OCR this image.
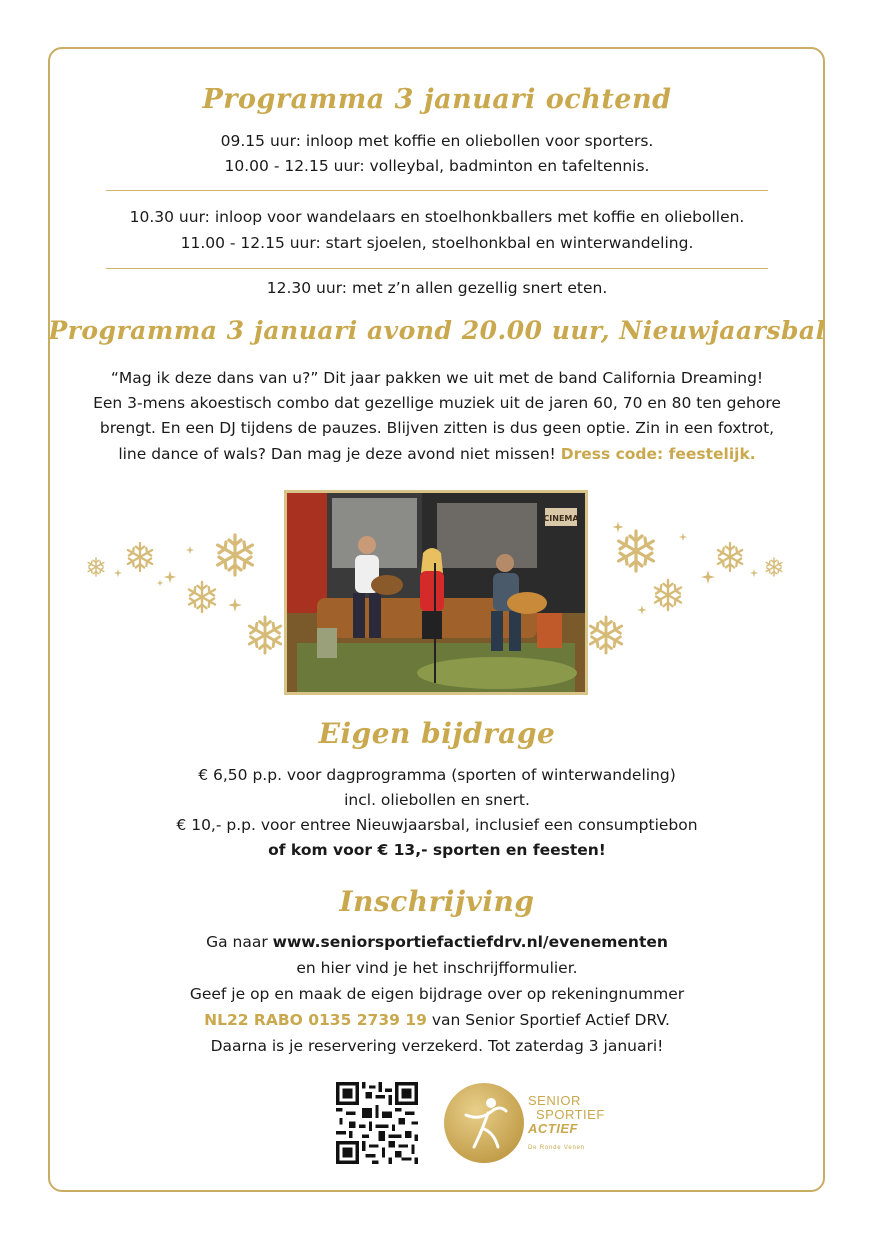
Programma 3 januari ochtend
09.15 uur: inloop met koffie en oliebollen voor sporters.
10.00 - 12.15 uur: volleybal, badminton en tafeltennis.
10.30 uur: inloop voor wandelaars en stoelhonkballers met koffie en oliebollen.
11.00 - 12.15 uur: start sjoelen, stoelhonkbal en winterwandeling.
12.30 uur: met z’n allen gezellig snert eten.
Programma 3 januari avond 20.00 uur, Nieuwjaarsbal
“Mag ik deze dans van u?” Dit jaar pakken we uit met de band California Dreaming!
Een 3-mens akoestisch combo dat gezellige muziek uit de jaren 60, 70 en 80 ten gehore
brengt. En een DJ tijdens de pauzes. Blijven zitten is dus geen optie. Zin in een foxtrot,
line dance of wals? Dan mag je deze avond niet missen! Dress code: feestelijk.
CINEMA
Eigen bijdrage
€ 6,50 p.p. voor dagprogramma (sporten of winterwandeling)
incl. oliebollen en snert.
€ 10,- p.p. voor entree Nieuwjaarsbal, inclusief een consumptiebon
of kom voor € 13,- sporten en feesten!
Inschrijving
Ga naar www.seniorsportiefactiefdrv.nl/evenementen
en hier vind je het inschrijfformulier.
Geef je op en maak de eigen bijdrage over op rekeningnummer
NL22 RABO 0135 2739 19 van Senior Sportief Actief DRV.
Daarna is je reservering verzekerd. Tot zaterdag 3 januari!
SENIOR
SPORTIEF
ACTIEF
De Ronde Venen
